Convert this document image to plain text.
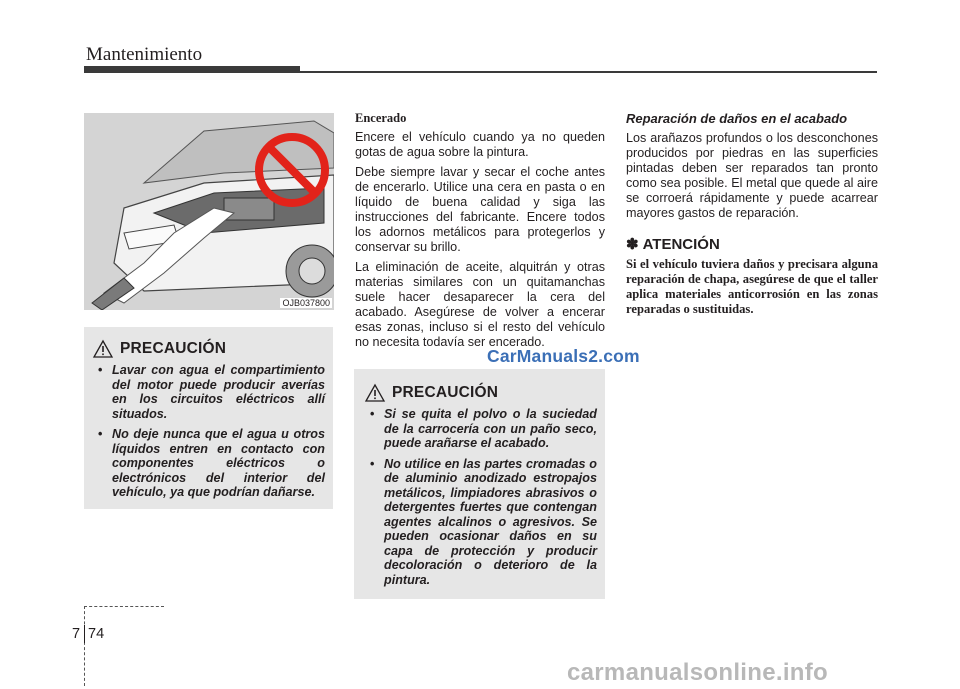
Mantenimiento
OJB037800
PRECAUCIÓN
• Lavar con agua el compartimiento del motor puede producir averías en los circuitos eléctricos allí situados.
• No deje nunca que el agua u otros líquidos entren en contacto con componentes eléctricos o electrónicos del interior del vehículo, ya que podrían dañarse.
Encerado

Encere el vehículo cuando ya no queden gotas de agua sobre la pintura.

Debe siempre lavar y secar el coche antes de encerarlo. Utilice una cera en pasta o en líquido de buena calidad y siga las instrucciones del fabricante. Encere todos los adornos metálicos para protegerlos y conservar su brillo.

La eliminación de aceite, alquitrán y otras materias similares con un quitamanchas suele hacer desaparecer la cera del acabado. Asegúrese de volver a encerar esas zonas, incluso si el resto del vehículo no necesita todavía ser encerado.

PRECAUCIÓN
• Si se quita el polvo o la suciedad de la carrocería con un paño seco, puede arañarse el acabado.
• No utilice en las partes cromadas o de aluminio anodizado estropajos metálicos, limpiadores abrasivos o detergentes fuertes que contengan agentes alcalinos o agresivos. Se pueden ocasionar daños en su capa de protección y producir decoloración o deterioro de la pintura.
Reparación de daños en el acabado

Los arañazos profundos o los desconchones producidos por piedras en las superficies pintadas deben ser reparados tan pronto como sea posible. El metal que quede al aire se corroerá rápidamente y puede acarrear mayores gastos de reparación.

✽ ATENCIÓN

Si el vehículo tuviera daños y precisara alguna reparación de chapa, asegúrese de que el taller aplica materiales anticorrosión en las zonas reparadas o sustituidas.

CarManuals2.com
carmanualsonline.info
7 74
